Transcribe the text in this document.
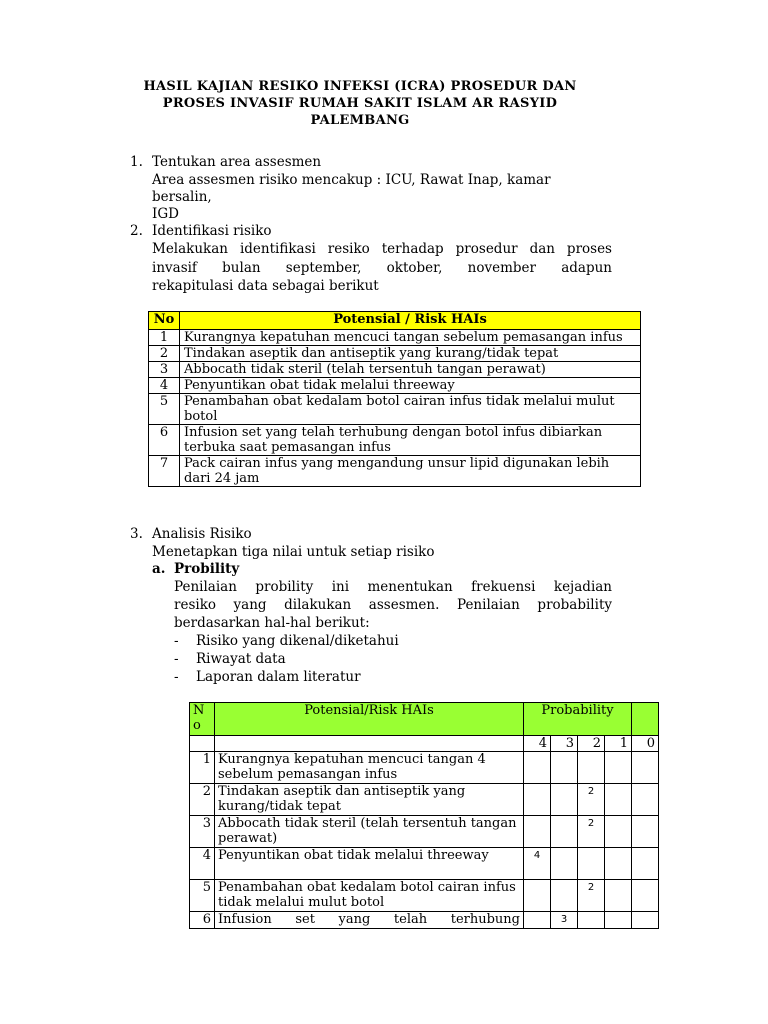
HASIL KAJIAN RESIKO INFEKSI (ICRA) PROSEDUR DAN
PROSES INVASIF RUMAH SAKIT ISLAM AR RASYID
PALEMBANG
1. Tentukan area assesmen
Area assesmen risiko mencakup : ICU, Rawat Inap, kamar
bersalin,
IGD
2. Identifikasi risiko
Melakukan identifikasi resiko terhadap prosedur dan proses
invasif bulan september, oktober, november adapun
rekapitulasi data sebagai berikut
No	Potensial / Risk HAIs
1	Kurangnya kepatuhan mencuci tangan sebelum pemasangan infus
2	Tindakan aseptik dan antiseptik yang kurang/tidak tepat
3	Abbocath tidak steril (telah tersentuh tangan perawat)
4	Penyuntikan obat tidak melalui threeway
5	Penambahan obat kedalam botol cairan infus tidak melalui mulut botol
6	Infusion set yang telah terhubung dengan botol infus dibiarkan terbuka saat pemasangan infus
7	Pack cairan infus yang mengandung unsur lipid digunakan lebih dari 24 jam
3. Analisis Risiko
Menetapkan tiga nilai untuk setiap risiko
a. Probility
Penilaian probility ini menentukan frekuensi kejadian
resiko yang dilakukan assesmen. Penilaian probability
berdasarkan hal-hal berikut:
- Risiko yang dikenal/diketahui
- Riwayat data
- Laporan dalam literatur
N o	Potensial/Risk HAIs	Probability				
		4	3	2	1	0
1	Kurangnya kepatuhan mencuci tangan 4 sebelum pemasangan infus					
2	Tindakan aseptik dan antiseptik yang kurang/tidak tepat			2		
3	Abbocath tidak steril (telah tersentuh tangan perawat)			2		
4	Penyuntikan obat tidak melalui threeway	4				
5	Penambahan obat kedalam botol cairan infus tidak melalui mulut botol			2		
6	Infusion set yang telah terhubung		3			
